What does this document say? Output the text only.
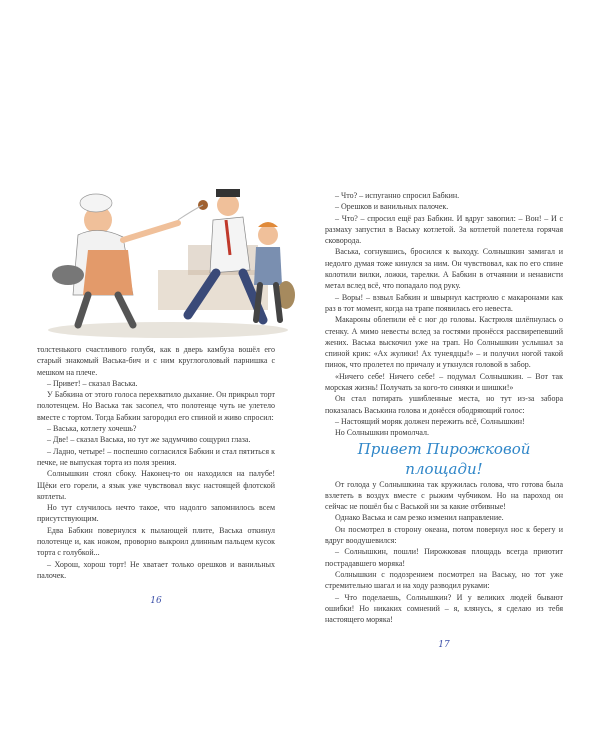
толстенького счастливого голубя, как в дверь камбуза вошёл его старый знакомый Васька-бич и с ним круглоголовый парнишка с мешком на плече.

– Привет! – сказал Васька.

У Бабкина от этого голоса перехватило дыхание. Он прикрыл торт полотенцем. Но Васька так засопел, что полотенце чуть не улетело вместе с тортом. Тогда Бабкин загородил его спиной и живо спросил:

– Васька, котлету хочешь?

– Две! – сказал Васька, но тут же задумчиво сощурил глаза.

– Ладно, четыре! – поспешно согласился Бабкин и стал пятиться к печке, не выпуская торта из поля зрения.

Солнышкин стоял сбоку. Наконец-то он находился на палубе! Щёки его горели, а язык уже чувствовал вкус настоящей флотской котлеты.

Но тут случилось нечто такое, что надолго запомнилось всем присутствующим.

Едва Бабкин повернулся к пылающей плите, Васька откинул полотенце и, как ножом, проворно выкроил длинным пальцем кусок торта с голубкой...

– Хорош, хорош торт! Не хватает только орешков и ванильных палочек.

16

– Что? – испуганно спросил Бабкин.

– Орешков и ванильных палочек.

– Что? – спросил ещё раз Бабкин. И вдруг завопил: – Вон! – И с размаху запустил в Ваську котлетой. За котлетой полетела горячая сковорода.

Васька, согнувшись, бросился к выходу. Солнышкин замигал и недолго думая тоже кинулся за ним. Он чувствовал, как по его спине колотили вилки, ложки, тарелки. А Бабкин в отчаянии и ненависти метал вслед всё, что попадало под руку.

– Воры! – взвыл Бабкин и швырнул кастрюлю с макаронами как раз в тот момент, когда на трапе появилась его невеста.

Макароны облепили её с ног до головы. Кастрюля шлёпнулась о стенку. А мимо невесты вслед за гостями пронёсся рассвирепевший жених. Васька выскочил уже на трап. Но Солнышкин услышал за спиной крик: «Ах жулики! Ах тунеядцы!» – и получил ногой такой пинок, что пролетел по причалу и уткнулся головой в забор.

«Ничего себе! Ничего себе! – подумал Солнышкин. – Вот так морская жизнь! Получать за кого-то синяки и шишки!»

Он стал потирать ушибленные места, но тут из-за забора показалась Васькина голова и донёсся ободряющий голос:

– Настоящий моряк должен пережить всё, Солнышкин!

Но Солнышкин промолчал.

Привет Пирожковой площади!

От голода у Солнышкина так кружилась голова, что готова была взлететь в воздух вместе с рыжим чубчиком. Но на пароход он сейчас не пошёл бы с Васькой ни за какие отбивные!

Однако Васька и сам резко изменил направление.

Он посмотрел в сторону океана, потом повернул нос к берегу и вдруг воодушевился:

– Солнышкин, пошли! Пирожковая площадь всегда приютит пострадавшего моряка!

Солнышкин с подозрением посмотрел на Ваську, но тот уже стремительно шагал и на ходу разводил руками:

– Что поделаешь, Солнышкин? И у великих людей бывают ошибки! Но никаких сомнений – я, клянусь, я сделаю из тебя настоящего моряка!

17
